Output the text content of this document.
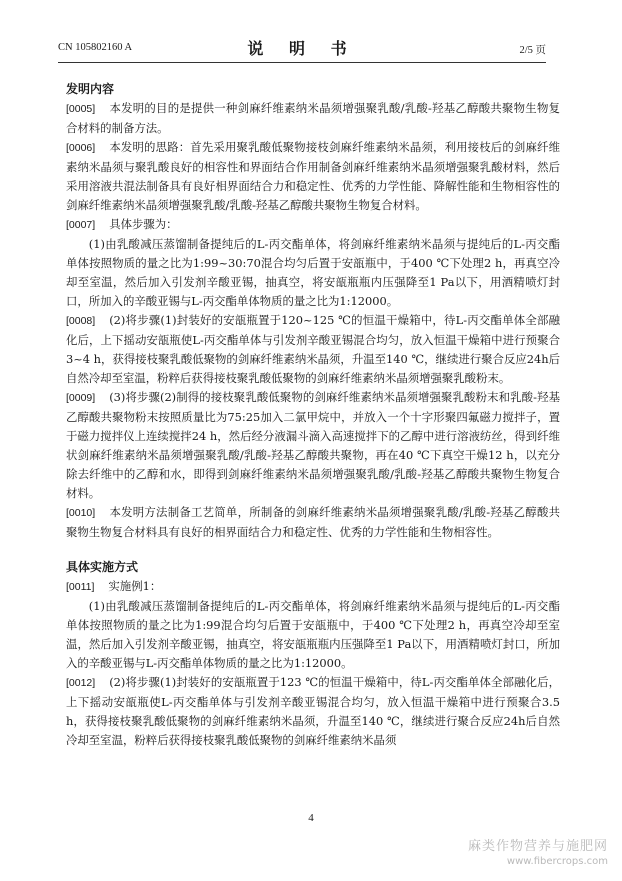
CN 105802160 A	说 明 书	2/5 页

发明内容

[0005] 本发明的目的是提供一种剑麻纤维素纳米晶须增强聚乳酸/乳酸-羟基乙醇酸共聚物生物复合材料的制备方法。

[0006] 本发明的思路：首先采用聚乳酸低聚物接枝剑麻纤维素纳米晶须，利用接枝后的剑麻纤维素纳米晶须与聚乳酸良好的相容性和界面结合作用制备剑麻纤维素纳米晶须增强聚乳酸材料，然后采用溶液共混法制备具有良好相界面结合力和稳定性、优秀的力学性能、降解性能和生物相容性的剑麻纤维素纳米晶须增强聚乳酸/乳酸-羟基乙醇酸共聚物生物复合材料。

[0007] 具体步骤为：

(1)由乳酸减压蒸馏制备提纯后的L-丙交酯单体，将剑麻纤维素纳米晶须与提纯后的L-丙交酯单体按照物质的量之比为1:99~30:70混合均匀后置于安瓿瓶中，于400 ℃下处理2 h，再真空冷却至室温，然后加入引发剂辛酸亚锡，抽真空，将安瓿瓶瓶内压强降至1 Pa以下，用酒精喷灯封口，所加入的辛酸亚锡与L-丙交酯单体物质的量之比为1:12000。

[0008] (2)将步骤(1)封装好的安瓿瓶置于120~125 ℃的恒温干燥箱中，待L-丙交酯单体全部融化后，上下摇动安瓿瓶使L-丙交酯单体与引发剂辛酸亚锡混合均匀，放入恒温干燥箱中进行预聚合3~4 h，获得接枝聚乳酸低聚物的剑麻纤维素纳米晶须，升温至140 ℃，继续进行聚合反应24h后自然冷却至室温，粉粹后获得接枝聚乳酸低聚物的剑麻纤维素纳米晶须增强聚乳酸粉末。

[0009] (3)将步骤(2)制得的接枝聚乳酸低聚物的剑麻纤维素纳米晶须增强聚乳酸粉末和乳酸-羟基乙醇酸共聚物粉末按照质量比为75:25加入二氯甲烷中，并放入一个十字形聚四氟磁力搅拌子，置于磁力搅拌仪上连续搅拌24 h，然后经分液漏斗滴入高速搅拌下的乙醇中进行溶液纺丝，得到纤维状剑麻纤维素纳米晶须增强聚乳酸/乳酸-羟基乙醇酸共聚物，再在40 ℃下真空干燥12 h，以充分除去纤维中的乙醇和水，即得到剑麻纤维素纳米晶须增强聚乳酸/乳酸-羟基乙醇酸共聚物生物复合材料。

[0010] 本发明方法制备工艺简单，所制备的剑麻纤维素纳米晶须增强聚乳酸/乳酸-羟基乙醇酸共聚物生物复合材料具有良好的相界面结合力和稳定性、优秀的力学性能和生物相容性。

具体实施方式

[0011] 实施例1：

(1)由乳酸减压蒸馏制备提纯后的L-丙交酯单体，将剑麻纤维素纳米晶须与提纯后的L-丙交酯单体按照物质的量之比为1:99混合均匀后置于安瓿瓶中，于400 ℃下处理2 h，再真空冷却至室温，然后加入引发剂辛酸亚锡，抽真空，将安瓿瓶瓶内压强降至1 Pa以下，用酒精喷灯封口，所加入的辛酸亚锡与L-丙交酯单体物质的量之比为1:12000。

[0012] (2)将步骤(1)封装好的安瓿瓶置于123 ℃的恒温干燥箱中，待L-丙交酯单体全部融化后，上下摇动安瓿瓶使L-丙交酯单体与引发剂辛酸亚锡混合均匀，放入恒温干燥箱中进行预聚合3.5 h，获得接枝聚乳酸低聚物的剑麻纤维素纳米晶须，升温至140 ℃，继续进行聚合反应24h后自然冷却至室温，粉粹后获得接枝聚乳酸低聚物的剑麻纤维素纳米晶须

4
麻类作物营养与施肥网
www.fibercrops.com
